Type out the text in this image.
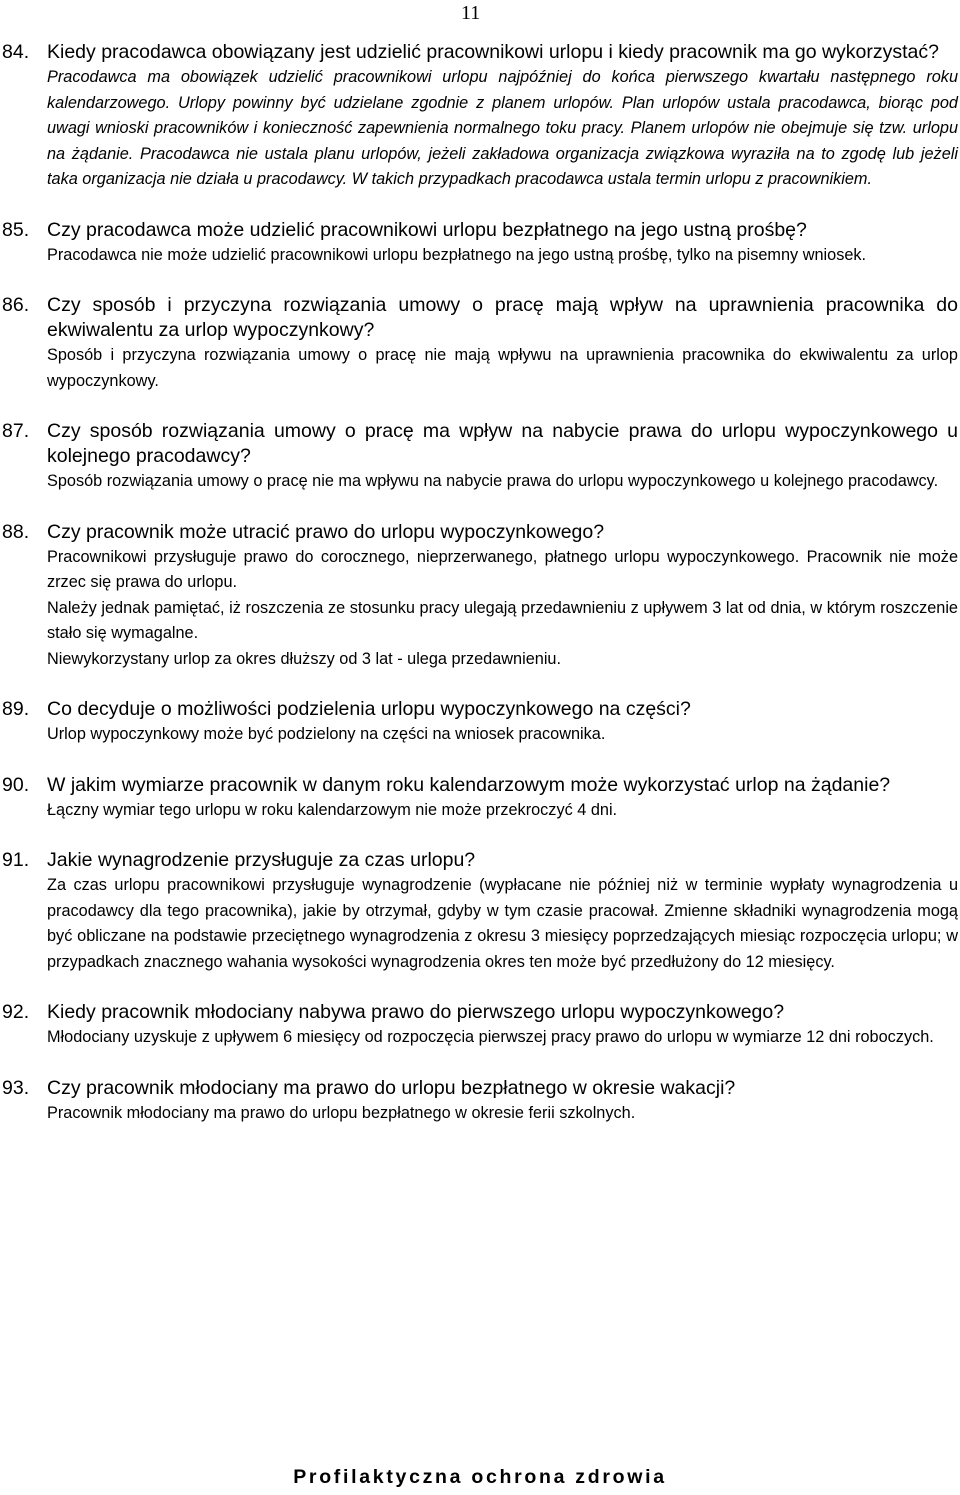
11
84. Kiedy pracodawca obowiązany jest udzielić pracownikowi urlopu i kiedy pracownik ma go wykorzystać?

Pracodawca ma obowiązek udzielić pracownikowi urlopu najpóźniej do końca pierwszego kwartału następnego roku kalendarzowego. Urlopy powinny być udzielane zgodnie z planem urlopów. Plan urlopów ustala pracodawca, biorąc pod uwagi wnioski pracowników i konieczność zapewnienia normalnego toku pracy. Planem urlopów nie obejmuje się tzw. urlopu na żądanie. Pracodawca nie ustala planu urlopów, jeżeli zakładowa organizacja związkowa wyraziła na to zgodę lub jeżeli taka organizacja nie działa u pracodawcy. W takich przypadkach pracodawca ustala termin urlopu z pracownikiem.

85. Czy pracodawca może udzielić pracownikowi urlopu bezpłatnego na jego ustną prośbę?

Pracodawca nie może udzielić pracownikowi urlopu bezpłatnego na jego ustną prośbę, tylko na pisemny wniosek.

86. Czy sposób i przyczyna rozwiązania umowy o pracę mają wpływ na uprawnienia pracownika do ekwiwalentu za urlop wypoczynkowy?

Sposób i przyczyna rozwiązania umowy o pracę nie mają wpływu na uprawnienia pracownika do ekwiwalentu za urlop wypoczynkowy.

87. Czy sposób rozwiązania umowy o pracę ma wpływ na nabycie prawa do urlopu wypoczynkowego u kolejnego pracodawcy?

Sposób rozwiązania umowy o pracę nie ma wpływu na nabycie prawa do urlopu wypoczynkowego u kolejnego pracodawcy.

88. Czy pracownik może utracić prawo do urlopu wypoczynkowego?

Pracownikowi przysługuje prawo do corocznego, nieprzerwanego, płatnego urlopu wypoczynkowego. Pracownik nie może zrzec się prawa do urlopu.

Należy jednak pamiętać, iż roszczenia ze stosunku pracy ulegają przedawnieniu z upływem 3 lat od dnia, w którym roszczenie stało się wymagalne.

Niewykorzystany urlop za okres dłuższy od 3 lat - ulega przedawnieniu.

89. Co decyduje o możliwości podzielenia urlopu wypoczynkowego na części?

Urlop wypoczynkowy może być podzielony na części na wniosek pracownika.

90. W jakim wymiarze pracownik w danym roku kalendarzowym może wykorzystać urlop na żądanie?

Łączny wymiar tego urlopu w roku kalendarzowym nie może przekroczyć 4 dni.

91. Jakie wynagrodzenie przysługuje za czas urlopu?

Za czas urlopu pracownikowi przysługuje wynagrodzenie (wypłacane nie później niż w terminie wypłaty wynagrodzenia u pracodawcy dla tego pracownika), jakie by otrzymał, gdyby w tym czasie pracował. Zmienne składniki wynagrodzenia mogą być obliczane na podstawie przeciętnego wynagrodzenia z okresu 3 miesięcy poprzedzających miesiąc rozpoczęcia urlopu; w przypadkach znacznego wahania wysokości wynagrodzenia okres ten może być przedłużony do 12 miesięcy.

92. Kiedy pracownik młodociany nabywa prawo do pierwszego urlopu wypoczynkowego?

Młodociany uzyskuje z upływem 6 miesięcy od rozpoczęcia pierwszej pracy prawo do urlopu w wymiarze 12 dni roboczych.

93. Czy pracownik młodociany ma prawo do urlopu bezpłatnego w okresie wakacji?

Pracownik młodociany ma prawo do urlopu bezpłatnego w okresie ferii szkolnych.

Profilaktyczna ochrona zdrowia
